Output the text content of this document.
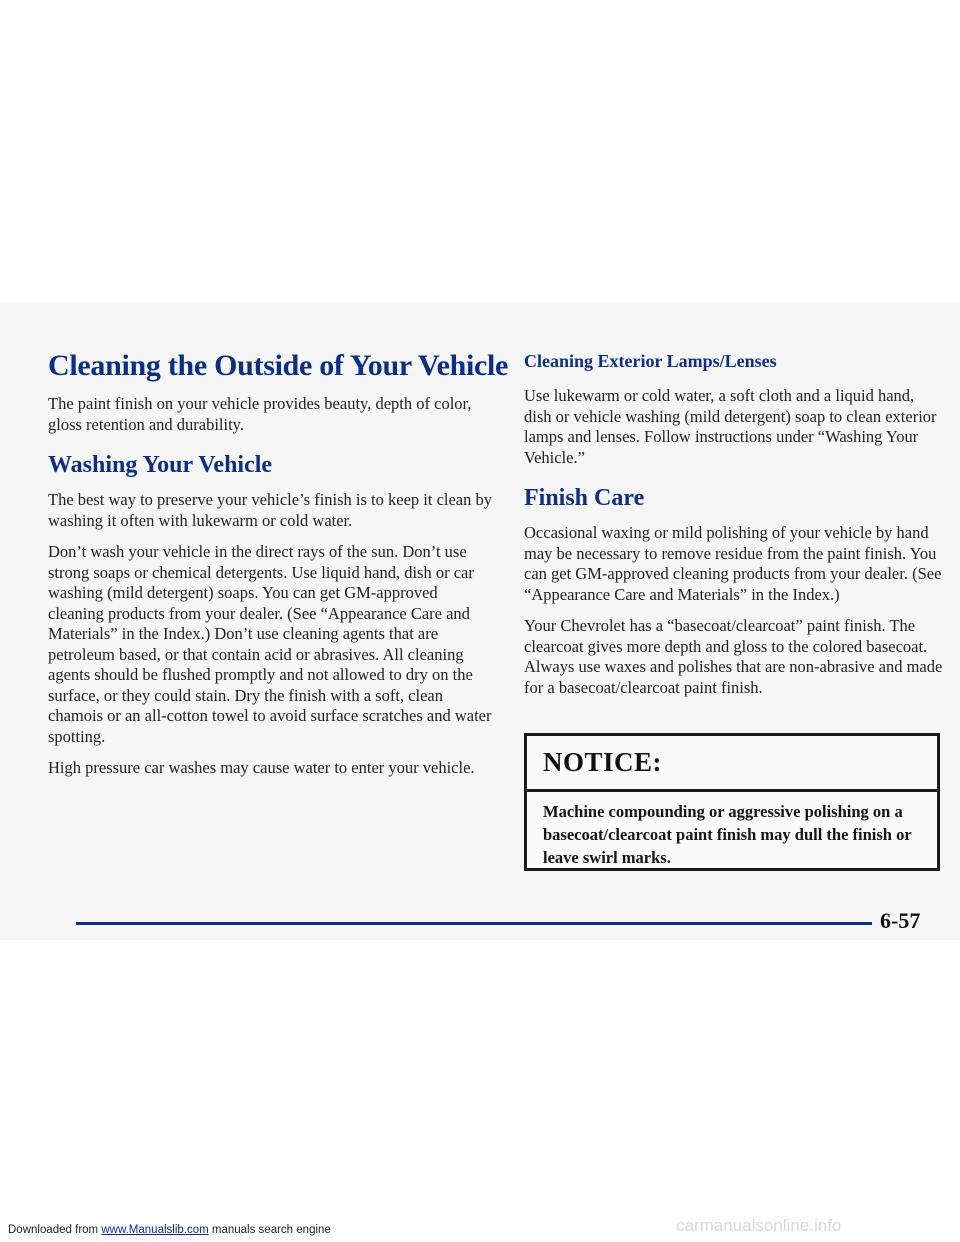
Cleaning the Outside of Your Vehicle

The paint finish on your vehicle provides beauty, depth of color, gloss retention and durability.

Washing Your Vehicle

The best way to preserve your vehicle’s finish is to keep it clean by washing it often with lukewarm or cold water.

Don’t wash your vehicle in the direct rays of the sun. Don’t use strong soaps or chemical detergents. Use liquid hand, dish or car washing (mild detergent) soaps. You can get GM-approved cleaning products from your dealer. (See “Appearance Care and Materials” in the Index.) Don’t use cleaning agents that are petroleum based, or that contain acid or abrasives. All cleaning agents should be flushed promptly and not allowed to dry on the surface, or they could stain. Dry the finish with a soft, clean chamois or an all-cotton towel to avoid surface scratches and water spotting.

High pressure car washes may cause water to enter your vehicle.

Cleaning Exterior Lamps/Lenses

Use lukewarm or cold water, a soft cloth and a liquid hand, dish or vehicle washing (mild detergent) soap to clean exterior lamps and lenses. Follow instructions under “Washing Your Vehicle.”

Finish Care

Occasional waxing or mild polishing of your vehicle by hand may be necessary to remove residue from the paint finish. You can get GM-approved cleaning products from your dealer. (See “Appearance Care and Materials” in the Index.)

Your Chevrolet has a “basecoat/clearcoat” paint finish. The clearcoat gives more depth and gloss to the colored basecoat. Always use waxes and polishes that are non-abrasive and made for a basecoat/clearcoat paint finish.

NOTICE:
Machine compounding or aggressive polishing on a basecoat/clearcoat paint finish may dull the finish or leave swirl marks.
6-57
Downloaded from www.Manualslib.com manuals search engine	carmanualsonline.info
